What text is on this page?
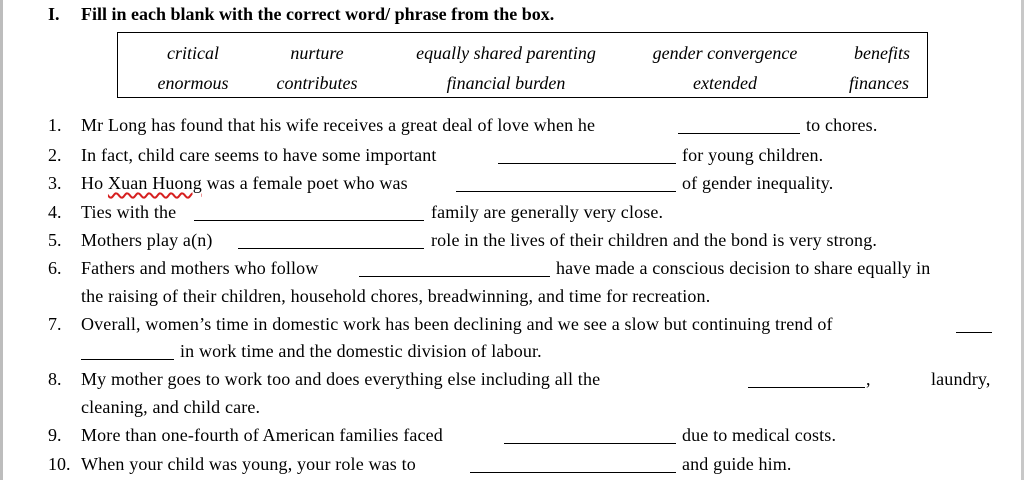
I. Fill in each blank with the correct word/ phrase from the box.
critical	nurture	equally shared parenting	gender convergence	benefits
enormous	contributes	financial burden	extended	finances
1. Mr Long has found that his wife receives a great deal of love when he	to chores.
2. In fact, child care seems to have some important	for young children.
3. Ho Xuan Huong was a female poet who was	of gender inequality.
4. Ties with the	family are generally very close.
5. Mothers play a(n)	role in the lives of their children and the bond is very strong.
6. Fathers and mothers who follow	have made a conscious decision to share equally in
the raising of their children, household chores, breadwinning, and time for recreation.
7. Overall, women’s time in domestic work has been declining and we see a slow but continuing trend of
in work time and the domestic division of labour.
8. My mother goes to work too and does everything else including all the	,	laundry,
cleaning, and child care.
9. More than one-fourth of American families faced	due to medical costs.
10. When your child was young, your role was to	and guide him.
